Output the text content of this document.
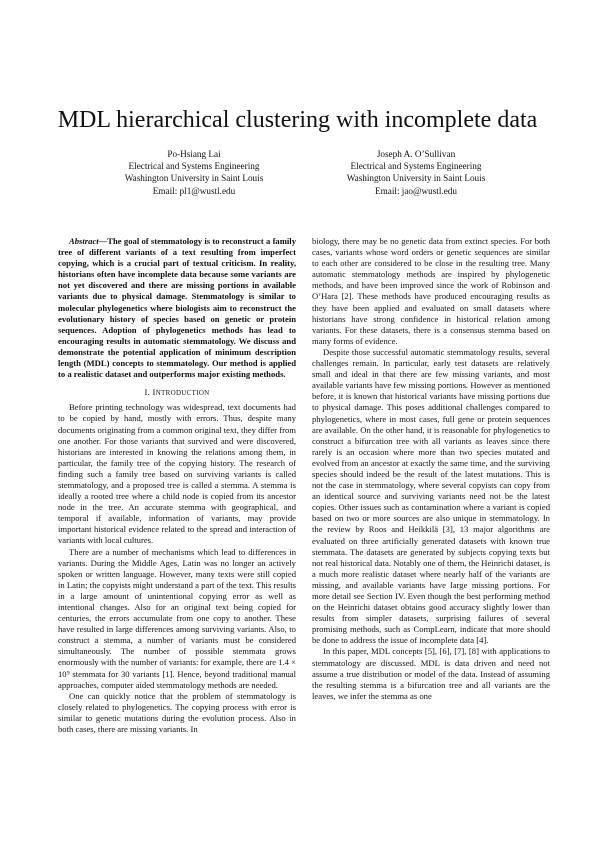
MDL hierarchical clustering with incomplete data
Po-Hsiang Lai
Electrical and Systems Engineering
Washington University in Saint Louis
Email: pl1@wustl.edu
Joseph A. O’Sullivan
Electrical and Systems Engineering
Washington University in Saint Louis
Email: jao@wustl.edu

Abstract—The goal of stemmatology is to reconstruct a family tree of different variants of a text resulting from imperfect copying, which is a crucial part of textual criticism. In reality, historians often have incomplete data because some variants are not yet discovered and there are missing portions in available variants due to physical damage. Stemmatology is similar to molecular phylogenetics where biologists aim to reconstruct the evolutionary history of species based on genetic or protein sequences. Adoption of phylogenetics methods has lead to encouraging results in automatic stemmatology. We discuss and demonstrate the potential application of minimum description length (MDL) concepts to stemmatology. Our method is applied to a realistic dataset and outperforms major existing methods.

I. INTRODUCTION

Before printing technology was widespread, text documents had to be copied by hand, mostly with errors. Thus, despite many documents originating from a common original text, they differ from one another. For those variants that survived and were discovered, historians are interested in knowing the relations among them, in particular, the family tree of the copying history. The research of finding such a family tree based on surviving variants is called stemmatology, and a proposed tree is called a stemma. A stemma is ideally a rooted tree where a child node is copied from its ancestor node in the tree. An accurate stemma with geographical, and temporal if available, information of variants, may provide important historical evidence related to the spread and interaction of variants with local cultures.

There are a number of mechanisms which lead to differences in variants. During the Middle Ages, Latin was no longer an actively spoken or written language. However, many texts were still copied in Latin; the copyists might understand a part of the text. This results in a large amount of unintentional copying error as well as intentional changes. Also for an original text being copied for centuries, the errors accumulate from one copy to another. These have resulted in large differences among surviving variants. Also, to construct a stemma, a number of variants must be considered simultaneously. The number of possible stemmata grows enormously with the number of variants: for example, there are 1.4 × 10⁹ stemmata for 30 variants [1]. Hence, beyond traditional manual approaches, computer aided stemmatology methods are needed.

One can quickly notice that the problem of stemmatology is closely related to phylogenetics. The copying process with error is similar to genetic mutations during the evolution process. Also in both cases, there are missing variants. In

biology, there may be no genetic data from extinct species. For both cases, variants whose word orders or genetic sequences are similar to each other are considered to be close in the resulting tree. Many automatic stemmatology methods are inspired by phylogenetic methods, and have been improved since the work of Robinson and O’Hara [2]. These methods have produced encouraging results as they have been applied and evaluated on small datasets where historians have strong confidence in historical relation among variants. For these datasets, there is a consensus stemma based on many forms of evidence.

Despite those successful automatic stemmatology results, several challenges remain. In particular, early test datasets are relatively small and ideal in that there are few missing variants, and most available variants have few missing portions. However as mentioned before, it is known that historical variants have missing portions due to physical damage. This poses additional challenges compared to phylogenetics, where in most cases, full gene or protein sequences are available. On the other hand, it is reasonable for phylogenetics to construct a bifurcation tree with all variants as leaves since there rarely is an occasion where more than two species mutated and evolved from an ancestor at exactly the same time, and the surviving species should indeed be the result of the latest mutations. This is not the case in stemmatology, where several copyists can copy from an identical source and surviving variants need not be the latest copies. Other issues such as contamination where a variant is copied based on two or more sources are also unique in stemmatology. In the review by Roos and Heikkilä [3], 13 major algorithms are evaluated on three artificially generated datasets with known true stemmata. The datasets are generated by subjects copying texts but not real historical data. Notably one of them, the Heinrichi dataset, is a much more realistic dataset where nearly half of the variants are missing, and available variants have large missing portions. For more detail see Section IV. Even though the best performing method on the Heinrichi dataset obtains good accuracy slightly lower than results from simpler datasets, surprising failures of several promising methods, such as CompLearn, indicate that more should be done to address the issue of incomplete data [4].

In this paper, MDL concepts [5], [6], [7], [8] with applications to stemmatology are discussed. MDL is data driven and need not assume a true distribution or model of the data. Instead of assuming the resulting stemma is a bifurcation tree and all variants are the leaves, we infer the stemma as one
